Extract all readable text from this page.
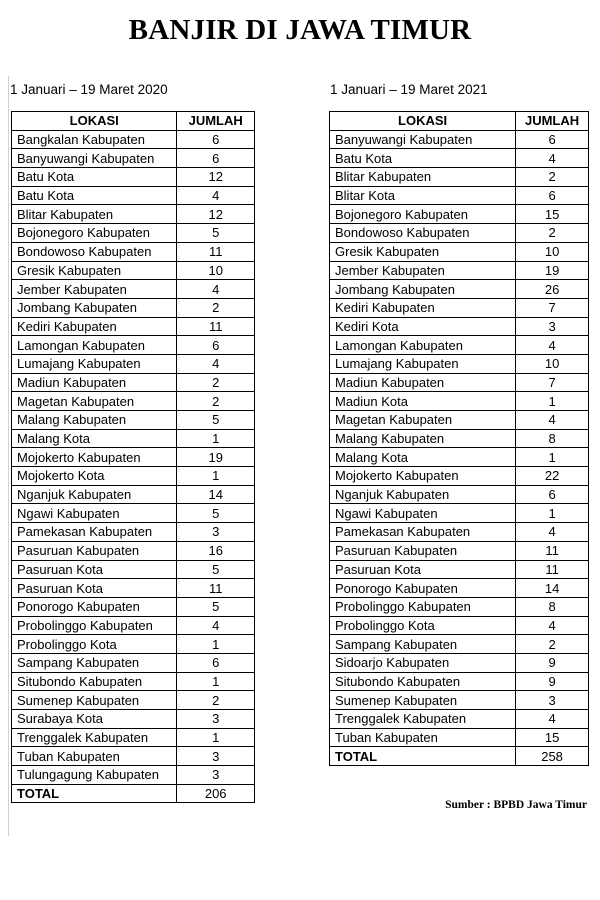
BANJIR DI JAWA TIMUR
1 Januari – 19 Maret 2020	1 Januari – 19 Maret 2021
LOKASI	JUMLAH
Bangkalan Kabupaten	6
Banyuwangi Kabupaten	6
Batu Kota	12
Batu Kota	4
Blitar Kabupaten	12
Bojonegoro Kabupaten	5
Bondowoso Kabupaten	11
Gresik Kabupaten	10
Jember Kabupaten	4
Jombang Kabupaten	2
Kediri Kabupaten	11
Lamongan Kabupaten	6
Lumajang Kabupaten	4
Madiun Kabupaten	2
Magetan Kabupaten	2
Malang Kabupaten	5
Malang Kota	1
Mojokerto Kabupaten	19
Mojokerto Kota	1
Nganjuk Kabupaten	14
Ngawi Kabupaten	5
Pamekasan Kabupaten	3
Pasuruan Kabupaten	16
Pasuruan Kota	5
Pasuruan Kota	11
Ponorogo Kabupaten	5
Probolinggo Kabupaten	4
Probolinggo Kota	1
Sampang Kabupaten	6
Situbondo Kabupaten	1
Sumenep Kabupaten	2
Surabaya Kota	3
Trenggalek Kabupaten	1
Tuban Kabupaten	3
Tulungagung Kabupaten	3
TOTAL	206
LOKASI	JUMLAH
Banyuwangi Kabupaten	6
Batu Kota	4
Blitar Kabupaten	2
Blitar Kota	6
Bojonegoro Kabupaten	15
Bondowoso Kabupaten	2
Gresik Kabupaten	10
Jember Kabupaten	19
Jombang Kabupaten	26
Kediri Kabupaten	7
Kediri Kota	3
Lamongan Kabupaten	4
Lumajang Kabupaten	10
Madiun Kabupaten	7
Madiun Kota	1
Magetan Kabupaten	4
Malang Kabupaten	8
Malang Kota	1
Mojokerto Kabupaten	22
Nganjuk Kabupaten	6
Ngawi Kabupaten	1
Pamekasan Kabupaten	4
Pasuruan Kabupaten	11
Pasuruan Kota	11
Ponorogo Kabupaten	14
Probolinggo Kabupaten	8
Probolinggo Kota	4
Sampang Kabupaten	2
Sidoarjo Kabupaten	9
Situbondo Kabupaten	9
Sumenep Kabupaten	3
Trenggalek Kabupaten	4
Tuban Kabupaten	15
TOTAL	258
Sumber : BPBD Jawa Timur
